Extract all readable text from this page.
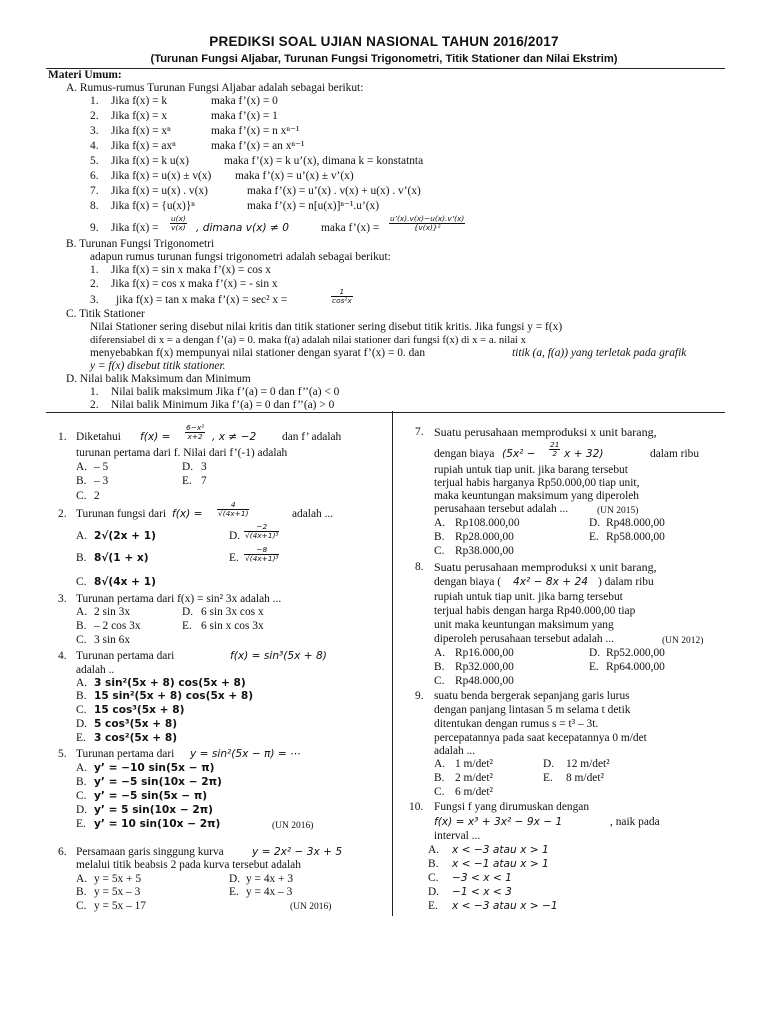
PREDIKSI SOAL UJIAN NASIONAL TAHUN 2016/2017
(Turunan Fungsi Aljabar, Turunan Fungsi Trigonometri, Titik Stationer dan Nilai Ekstrim)
Materi Umum:
A. Rumus-rumus Turunan Fungsi Aljabar adalah sebagai berikut:
1. Jika f(x) = k	maka f’(x) = 0
2. Jika f(x) = x	maka f’(x) = 1
3. Jika f(x) = xⁿ	maka f’(x) = n xⁿ⁻¹
4. Jika f(x) = axⁿ	maka f’(x) = an xⁿ⁻¹
5. Jika f(x) = k u(x)	maka f’(x) = k u’(x), dimana k = konstatnta
6. Jika f(x) = u(x) ± v(x) maka f’(x) = u’(x) ± v’(x)
7. Jika f(x) = u(x) . v(x)	maka f’(x) = u’(x) . v(x) + u(x) . v’(x)
8. Jika f(x) = {u(x)}ⁿ	maka f’(x) = n[u(x)]ⁿ⁻¹.u’(x)
9. Jika $f(x) = \frac{u(x)}{v(x)}$ , dimana v(x) ≠ 0	maka f’(x) = $\frac{u’(x).v(x)-u(x).v’(x)}{\text{\{v(x)\}²}}$
B. Turunan Fungsi Trigonometri
adapun rumus turunan fungsi trigonometri adalah sebagai berikut:
1. Jika f(x) = sin x maka f’(x) = cos x
2. Jika f(x) = cos x maka f’(x) = - sin x
3. jika f(x) = tan x maka f’(x) = sec² x =	$\frac{1}{\text{cos²x}}$
C. Titik Stationer
Nilai Stationer sering disebut nilai kritis dan titik stationer sering disebut titik kritis. Jika fungsi y = f(x)
diferensiabel di x = a dengan f’(a) = 0. maka f(a) adalah nilai stationer dari fungsi f(x) di x = a. nilai x
menyebabkan f(x) mempunyai nilai stationer dengan syarat f’(x) = 0. dan	titik (a, f(a)) yang terletak pada grafik
y = f(x) disebut titik stationer.
D. Nilai balik Maksimum dan Minimum
1. Nilai balik maksimum Jika f’(a) = 0 dan f’’(a) < 0
2. Nilai balik Minimum Jika f’(a) = 0 dan f’’(a) > 0
1. Diketahui $f(x) = \frac{\text{6−x²}}{x+2}$ , x ≠ −2 dan f’ adalah
turunan pertama dari f. Nilai dari f’(-1) adalah
A. – 5	D. 3
B. – 3	E. 7
C. 2
2. Turunan fungsi dari $f(x) = \frac{4}{√(4x+1)}$	adalah ...
A. 2√(2x + 1)	D. $\frac{-2}{\text{√(4x+1)³}}$
B. 8√(1 + x)	E. $\frac{-8}{\text{√(4x+1)³}}$
C. 8√(4x + 1)
3. Turunan pertama dari f(x) = sin² 3x adalah ...
A. 2 sin 3x	D. 6 sin 3x cos x
B. – 2 cos 3x	E. 6 sin x cos 3x
C. 3 sin 6x
4. Turunan pertama dari	f(x) = sin³(5x + 8)
adalah ..
A. 3 sin²(5x + 8) cos(5x + 8)
B. 15 sin²(5x + 8) cos(5x + 8)
C. 15 cos³(5x + 8)
D. 5 cos³(5x + 8)
E. 3 cos²(5x + 8)
5. Turunan pertama dari y = sin²(5x − π) = ⋯
A. y’ = −10 sin(5x − π)
B. y’ = −5 sin(10x − 2π)
C. y’ = −5 sin(5x − π)
D. y’ = 5 sin(10x − 2π)
E. y’ = 10 sin(10x − 2π)	(UN 2016)
6. Persamaan garis singgung kurva	y = 2x² − 3x + 5
melalui titik beabsis 2 pada kurva tersebut adalah
A. y = 5x + 5	D. y = 4x + 3
B. y = 5x – 3	E. y = 4x – 3
C. y = 5x – 17	(UN 2016)
7. Suatu perusahaan memproduksi x unit barang,
dengan biaya ($5x^2 - \frac{21}{2}$ x + 32)	dalam ribu
rupiah untuk tiap unit. jika barang tersebut
terjual habis harganya Rp50.000,00 tiap unit,
maka keuntungan maksimum yang diperoleh
perusahaan tersebut adalah ...	(UN 2015)
A. Rp108.000,00	D. Rp48.000,00
B. Rp28.000,00	E. Rp58.000,00
C. Rp38.000,00
8. Suatu perusahaan memproduksi x unit barang,
dengan biaya ( 4x² − 8x + 24 ) dalam ribu
rupiah untuk tiap unit. jika barng tersebut
terjual habis dengan harga Rp40.000,00 tiap
unit maka keuntungan maksimum yang
diperoleh perusahaan tersebut adalah ...	(UN 2012)
A. Rp16.000,00	D. Rp52.000,00
B. Rp32.000,00	E. Rp64.000,00
C. Rp48.000,00
9. suatu benda bergerak sepanjang garis lurus
dengan panjang lintasan 5 m selama t detik
ditentukan dengan rumus s = t³ – 3t.
percepatannya pada saat kecepatannya 0 m/det
adalah ...
A. 1 m/det²	D. 12 m/det²
B. 2 m/det²	E. 8 m/det²
C. 6 m/det²
10. Fungsi f yang dirumuskan dengan
f(x) = x³ + 3x² − 9x − 1	, naik pada
interval ...
A. x < −3 atau x > 1
B. x < −1 atau x > 1
C. −3 < x < 1
D. −1 < x < 3
E. x < −3 atau x > −1
